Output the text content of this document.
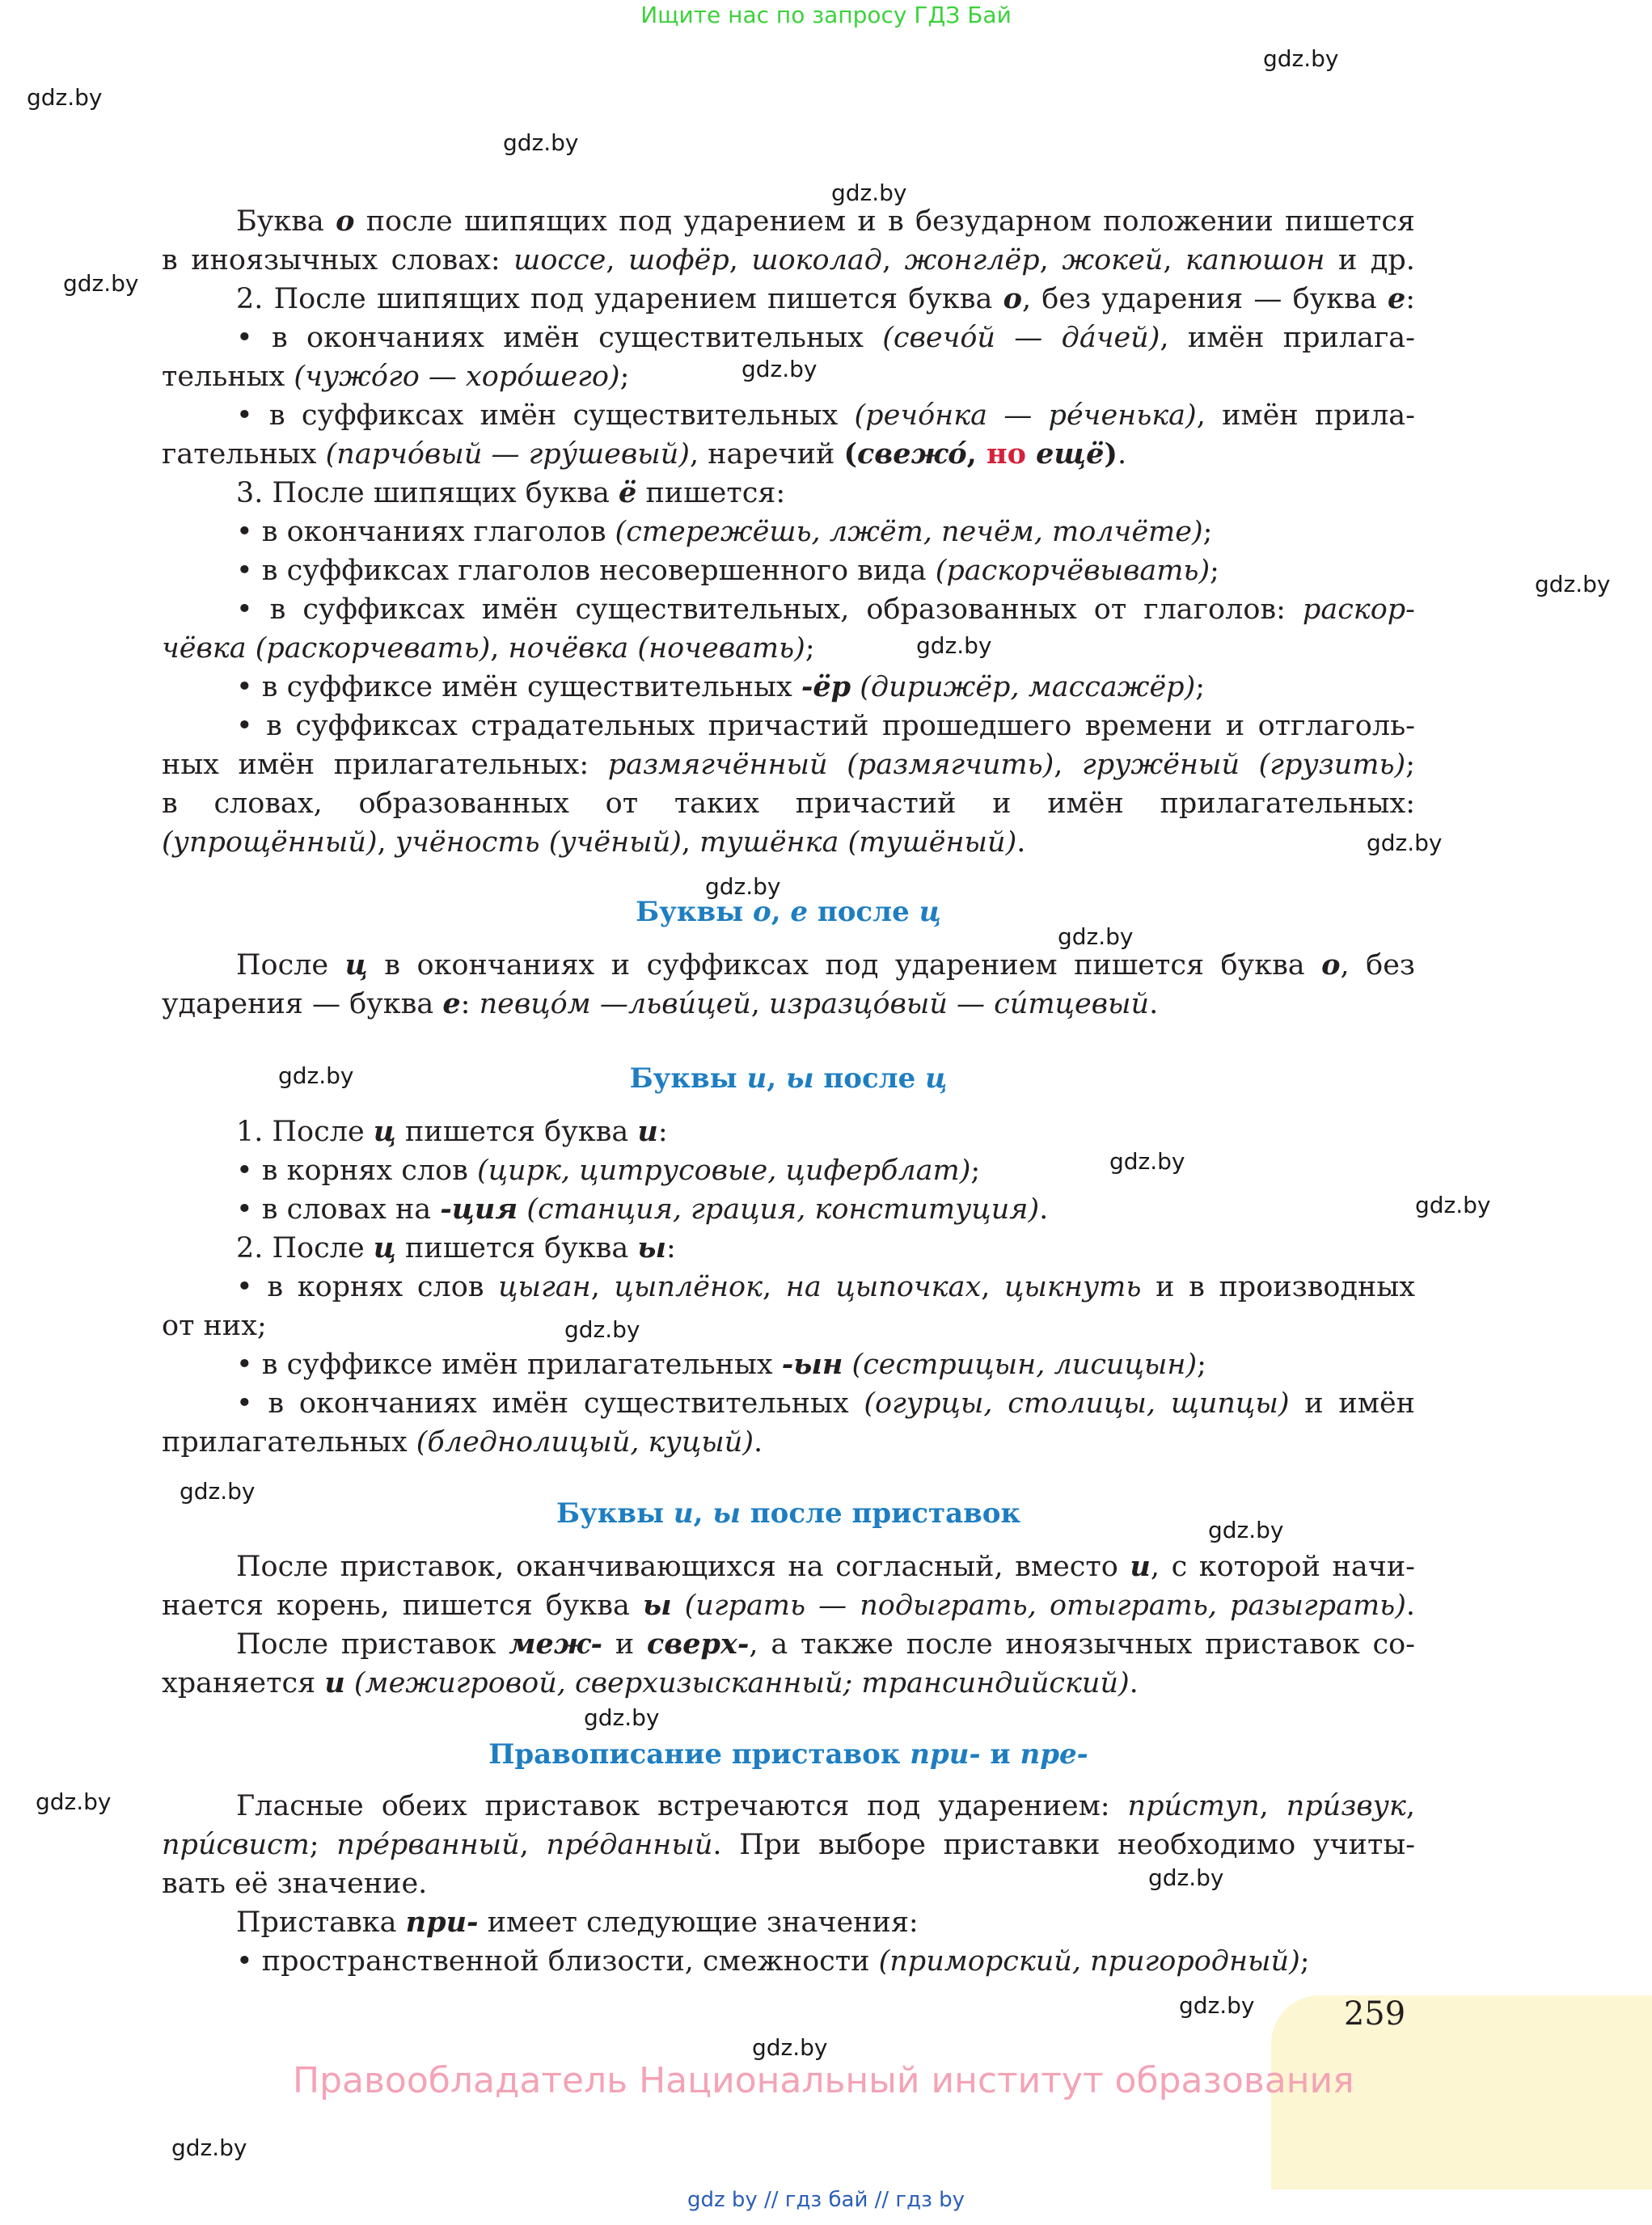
Ищите нас по запросу ГДЗ Бай
gdz.by
gdz.by
gdz.by
gdz.by
gdz.by
gdz.by
gdz.by
gdz.by
gdz.by
gdz.by
gdz.by
gdz.by
gdz.by
gdz.by
gdz.by
gdz.by
gdz.by
gdz.by
gdz.by
gdz.by
gdz.by
gdz.by
gdz.by
Буква о после шипящих под ударением и в безударном положении пишется
в иноязычных словах: шоссе, шофёр, шоколад, жонглёр, жокей, капюшон и др.
2. После шипящих под ударением пишется буква о, без ударения — буква е:
• в окончаниях имён существительных (свечо́й — да́чей), имён прилага-
тельных (чужо́го — хоро́шего);
• в суффиксах имён существительных (речо́нка — ре́ченька), имён прила-
гательных (парчо́вый — гру́шевый), наречий (свежо́, но ещё).
3. После шипящих буква ё пишется:
• в окончаниях глаголов (стережёшь, лжёт, печём, толчёте);
• в суффиксах глаголов несовершенного вида (раскорчёвывать);
• в суффиксах имён существительных, образованных от глаголов: раскор-
чёвка (раскорчевать), ночёвка (ночевать);
• в суффиксе имён существительных -ёр (дирижёр, массажёр);
• в суффиксах страдательных причастий прошедшего времени и отглаголь-
ных имён прилагательных: размягчённый (размягчить), гружёный (грузить);
в словах, образованных от таких причастий и имён прилагательных:
(упрощённый), учёность (учёный), тушёнка (тушёный).
Буквы о, е после ц
После ц в окончаниях и суффиксах под ударением пишется буква о, без
ударения — буква е: певцо́м —льви́цей, изразцо́вый — си́тцевый.
Буквы и, ы после ц
1. После ц пишется буква и:
• в корнях слов (цирк, цитрусовые, циферблат);
• в словах на -ция (станция, грация, конституция).
2. После ц пишется буква ы:
• в корнях слов цыган, цыплёнок, на цыпочках, цыкнуть и в производных
от них;
• в суффиксе имён прилагательных -ын (сестрицын, лисицын);
• в окончаниях имён существительных (огурцы, столицы, щипцы) и имён
прилагательных (бледнолицый, куцый).
Буквы и, ы после приставок
После приставок, оканчивающихся на согласный, вместо и, с которой начи-
нается корень, пишется буква ы (играть — подыграть, отыграть, разыграть).
После приставок меж- и сверх-, а также после иноязычных приставок со-
храняется и (межигровой, сверхизысканный; трансиндийский).
Правописание приставок при- и пре-
Гласные обеих приставок встречаются под ударением: при́ступ, при́звук,
при́свист; пре́рванный, пре́данный. При выборе приставки необходимо учиты-
вать её значение.
Приставка при- имеет следующие значения:
• пространственной близости, смежности (приморский, пригородный);
259
Правообладатель Национальный институт образования
gdz by // гдз бай // гдз by
